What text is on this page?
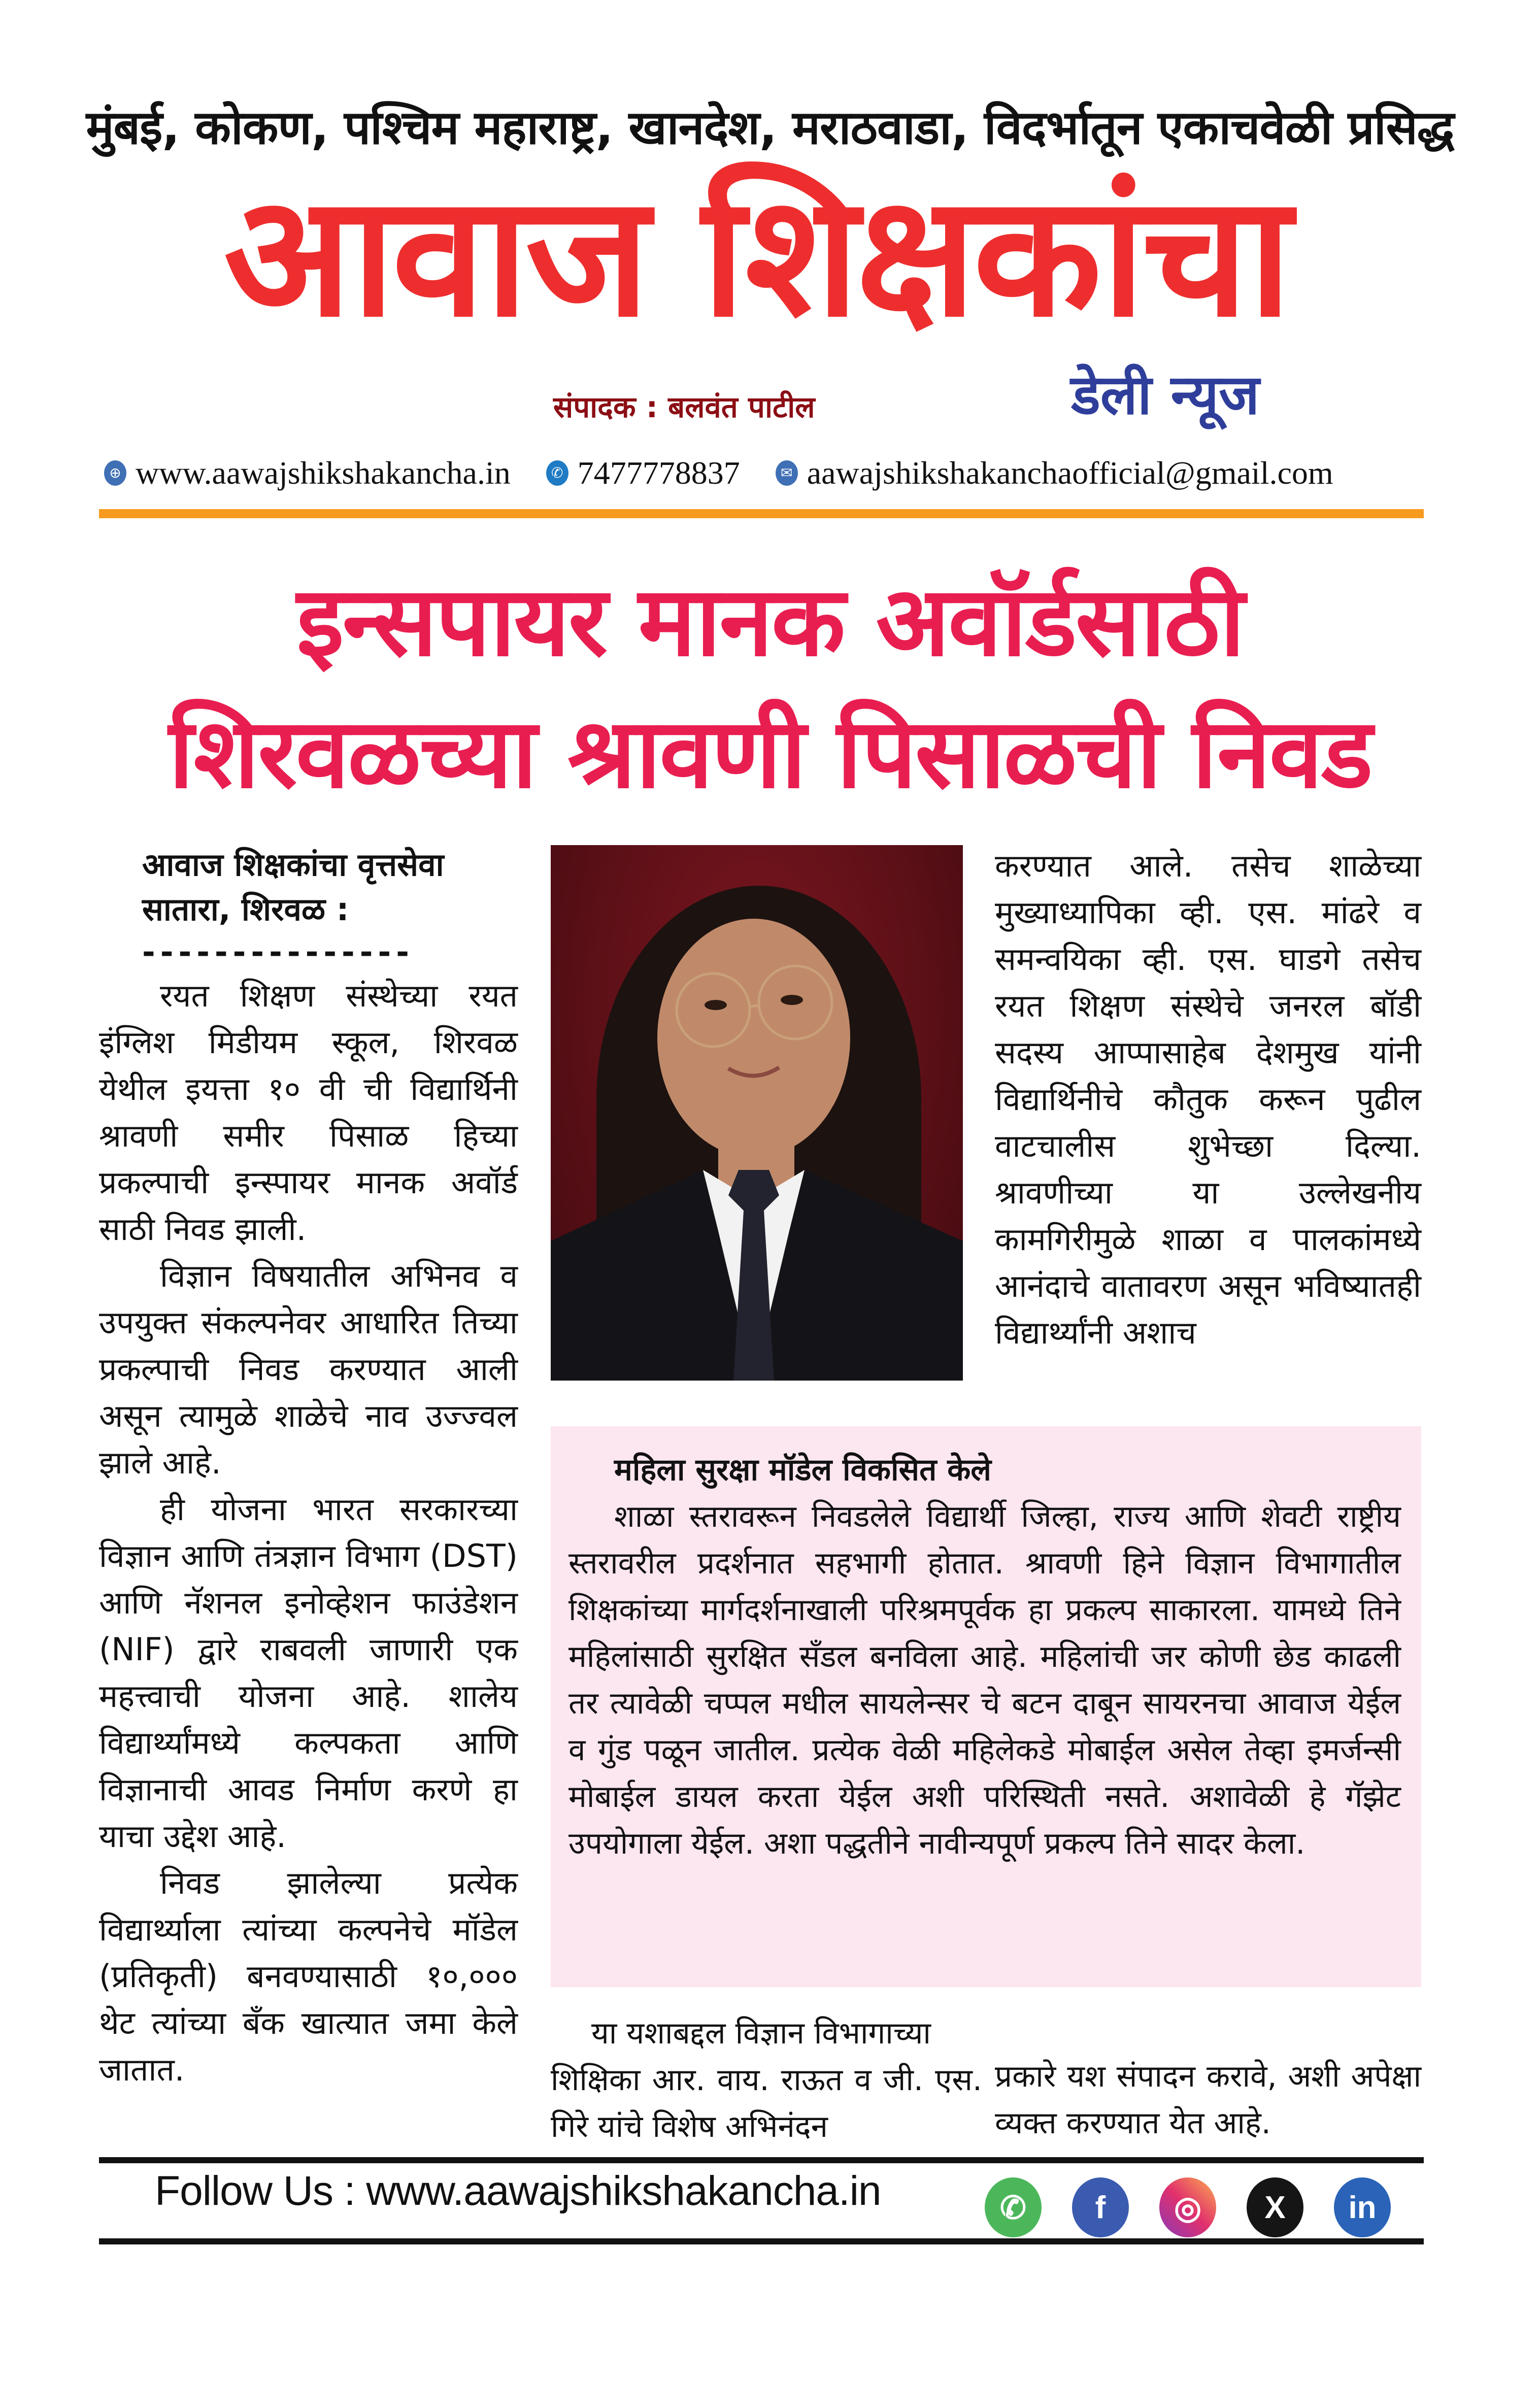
मुंबई, कोकण, पश्चिम महाराष्ट्र, खानदेश, मराठवाडा, विदर्भातून एकाचवेळी प्रसिद्ध
आवाज शिक्षकांचा
संपादक : बलवंत पाटील	डेली न्यूज
⊕ www.aawajshikshakancha.in	✆ 7477778837	✉ aawajshikshakanchaofficial@gmail.com
इन्सपायर मानक अवॉर्डसाठी
शिरवळच्या श्रावणी पिसाळची निवड

आवाज शिक्षकांचा वृत्तसेवा

सातारा, शिरवळ :

---------------

रयत शिक्षण संस्थेच्या रयत इंग्लिश मिडीयम स्कूल, शिरवळ येथील इयत्ता १० वी ची विद्यार्थिनी श्रावणी समीर पिसाळ हिच्या प्रकल्पाची इन्स्पायर मानक अवॉर्ड साठी निवड झाली.

विज्ञान विषयातील अभिनव व उपयुक्त संकल्पनेवर आधारित तिच्या प्रकल्पाची निवड करण्यात आली असून त्यामुळे शाळेचे नाव उज्ज्वल झाले आहे.

ही योजना भारत सरकारच्या विज्ञान आणि तंत्रज्ञान विभाग (DST) आणि नॅशनल इनोव्हेशन फाउंडेशन (NIF) द्वारे राबवली जाणारी एक महत्त्वाची योजना आहे. शालेय विद्यार्थ्यांमध्ये कल्पकता आणि विज्ञानाची आवड निर्माण करणे हा याचा उद्देश आहे.

निवड झालेल्या प्रत्येक विद्यार्थ्याला त्यांच्या कल्पनेचे मॉडेल (प्रतिकृती) बनवण्यासाठी १०,००० थेट त्यांच्या बँक खात्यात जमा केले जातात.

करण्यात आले. तसेच शाळेच्या मुख्याध्यापिका व्ही. एस. मांढरे व समन्वयिका व्ही. एस. घाडगे तसेच रयत शिक्षण संस्थेचे जनरल बॉडी सदस्य आप्पासाहेब देशमुख यांनी विद्यार्थिनीचे कौतुक करून पुढील वाटचालीस शुभेच्छा दिल्या. श्रावणीच्या या उल्लेखनीय कामगिरीमुळे शाळा व पालकांमध्ये आनंदाचे वातावरण असून भविष्यातही विद्यार्थ्यांनी अशाच

महिला सुरक्षा मॉडेल विकसित केले

शाळा स्तरावरून निवडलेले विद्यार्थी जिल्हा, राज्य आणि शेवटी राष्ट्रीय स्तरावरील प्रदर्शनात सहभागी होतात. श्रावणी हिने विज्ञान विभागातील शिक्षकांच्या मार्गदर्शनाखाली परिश्रमपूर्वक हा प्रकल्प साकारला. यामध्ये तिने महिलांसाठी सुरक्षित सँडल बनविला आहे. महिलांची जर कोणी छेड काढली तर त्यावेळी चप्पल मधील सायलेन्सर चे बटन दाबून सायरनचा आवाज येईल व गुंड पळून जातील. प्रत्येक वेळी महिलेकडे मोबाईल असेल तेव्हा इमर्जन्सी मोबाईल डायल करता येईल अशी परिस्थिती नसते. अशावेळी हे गॅझेट उपयोगाला येईल. अशा पद्धतीने नावीन्यपूर्ण प्रकल्प तिने सादर केला.

या यशाबद्दल विज्ञान विभागाच्या
शिक्षिका आर. वाय. राऊत व जी. एस. गिरे यांचे विशेष अभिनंदन
प्रकारे यश संपादन करावे, अशी अपेक्षा व्यक्त करण्यात येत आहे.
Follow Us : www.aawajshikshakancha.in	✆	f	◎	X	in
